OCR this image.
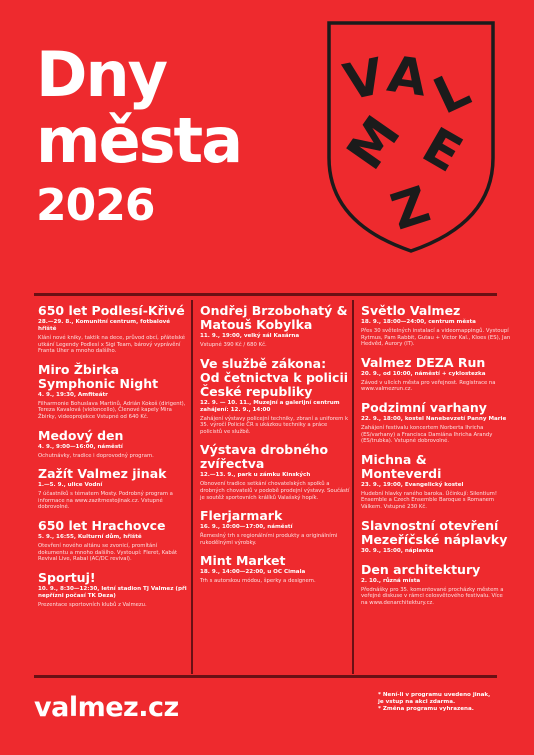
Dny
města
2026
V
A
L
M E
Z
650 let Podlesí-Křivé
28.—29. 8., Komunitní centrum, fotbalové hřiště
Klání nové kniky, taktik na dece, průvod obcí, přátelské utkání Legendy Podlesí x Sigi Team, bárový vyprávění Franta Uher a mnoho dalšího.
Miro Žbirka Symphonic Night
4. 9., 19:30, Amfiteátr
Filharmonie Bohuslava Martinů, Adrián Kokoš (dirigent), Tereza Kavalová (violoncello), Členové kapely Mira Žbirky, videoprojekce Vstupné od 640 Kč.
Medový den
4. 9., 9:00—16:00, náměstí
Ochutnávky, tradice i doprovodný program.
Zažít Valmez jinak
1.—5. 9., ulice Vodní
7 účastníků s tématem Mosty. Podrobný program a informace na www.zazitmestojinak.cz. Vstupné dobrovolné.
650 let Hrachovce
5. 9., 16:55, Kulturní dům, hřiště
Otevření nového altánu se zvonicí, promítání dokumentu a mnoho dalšího. Vystoupí: Fleret, Kabát Revival Live, Rabal (AC/DC revival).
Sportuj!
10. 9., 8:30—12:30, letní stadion TJ Valmez (při nepřízni počasí TK Deza)
Prezentace sportovních klubů z Valmezu.
Ondřej Brzobohatý & Matouš Kobylka
11. 9., 19:00, velký sál Kasárna
Vstupné 390 Kč / 680 Kč.
Ve službě zákona: Od četnictva k policii České republiky
12. 9. — 10. 11., Muzejní a galerijní centrum zahájení: 12. 9., 14:00
Zahájení výstavy policejní techniky, zbraní a uniforem k 35. výročí Policie ČR s ukázkou techniky a práce policistů ve službě.
Výstava drobného zvířectva
12.—13. 9., park u zámku Kinských
Obnovení tradice setkání chovatelských spolků a drobných chovatelů v podobě prodejní výstavy. Součástí je soutěž sportovních králíků Valašský hopík.
Flerjarmark
16. 9., 10:00—17:00, náměstí
Řemeslný trh s regionálními produkty a originálními rukodělnými výrobky.
Mint Market
18. 9., 14:00—22:00, u OC Cimala
Trh s autorskou módou, šperky a designem.
Světlo Valmez
18. 9., 18:00—24:00, centrum města
Přes 30 světelných instalací a videomappingů. Vystoupí Rytmus, Pam Rabbit, Gutau + Victor Kal., Kloes (ES), Jan Hedvěd, Aurory (IT).
Valmez DEZA Run
20. 9., od 10:00, náměstí + cyklostezka
Závod v ulicích města pro veřejnost. Registrace na www.valmezrun.cz.
Podzimní varhany
22. 9., 18:00, kostel Nanebevzetí Panny Marie
Zahájení festivalu koncertem Norberta Ihricha (ES/varhany) a Francisca Damiána Ihricha Arandy (ES/trubka). Vstupné dobrovolné.
Michna & Monteverdi
23. 9., 19:00, Evangelický kostel
Hudební hlavky raného baroka. Účinkují: Silentium! Ensemble a Czech Ensemble Baroque s Romanem Válkem. Vstupné 230 Kč.
Slavnostní otevření Mezeříčské náplavky
30. 9., 15:00, náplavka
Den architektury
2. 10., různá místa
Přednášky pro 35. komentované procházky městem a veřejné diskuse v rámci celosvětového festivalu. Více na www.denarchitektury.cz.
valmez.cz	* Není-li v programu uvedeno jinak,
je vstup na akci zdarma.
* Změna programu vyhrazena.
